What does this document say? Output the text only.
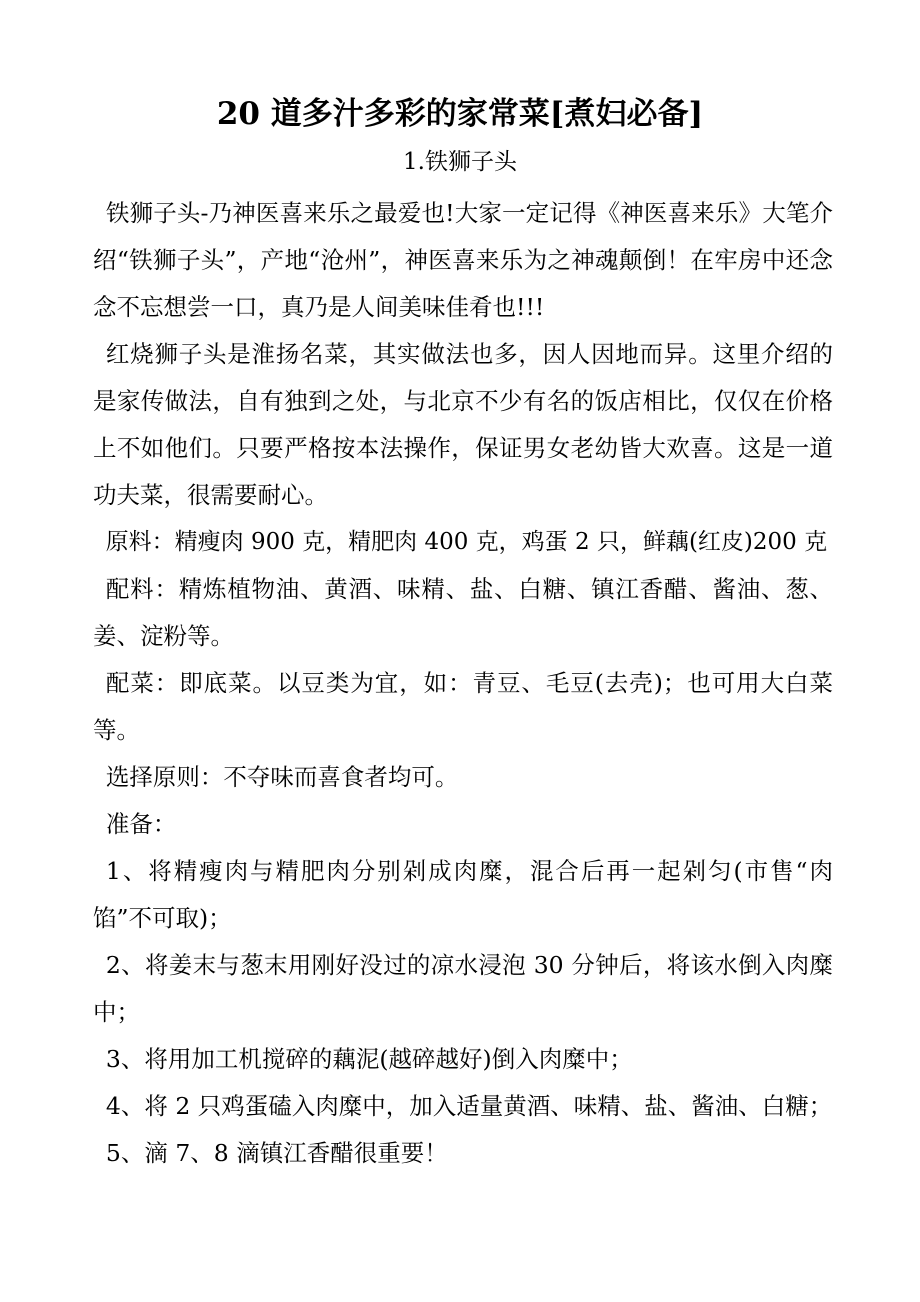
20 道多汁多彩的家常菜[煮妇必备]
1.铁狮子头

铁狮子头-乃神医喜来乐之最爱也!大家一定记得《神医喜来乐》大笔介绍“铁狮子头”，产地“沧州”，神医喜来乐为之神魂颠倒！在牢房中还念念不忘想尝一口，真乃是人间美味佳肴也!!!

红烧狮子头是淮扬名菜，其实做法也多，因人因地而异。这里介绍的是家传做法，自有独到之处，与北京不少有名的饭店相比，仅仅在价格上不如他们。只要严格按本法操作，保证男女老幼皆大欢喜。这是一道功夫菜，很需要耐心。

原料：精瘦肉 900 克，精肥肉 400 克，鸡蛋 2 只，鲜藕(红皮)200 克

配料：精炼植物油、黄酒、味精、盐、白糖、镇江香醋、酱油、葱、姜、淀粉等。

配菜：即底菜。以豆类为宜，如：青豆、毛豆(去壳)；也可用大白菜等。

选择原则：不夺味而喜食者均可。

准备：

1、将精瘦肉与精肥肉分别剁成肉糜，混合后再一起剁匀(市售“肉馅”不可取)；

2、将姜末与葱末用刚好没过的凉水浸泡 30 分钟后，将该水倒入肉糜中；

3、将用加工机搅碎的藕泥(越碎越好)倒入肉糜中；

4、将 2 只鸡蛋磕入肉糜中，加入适量黄酒、味精、盐、酱油、白糖；

5、滴 7、8 滴镇江香醋很重要！
